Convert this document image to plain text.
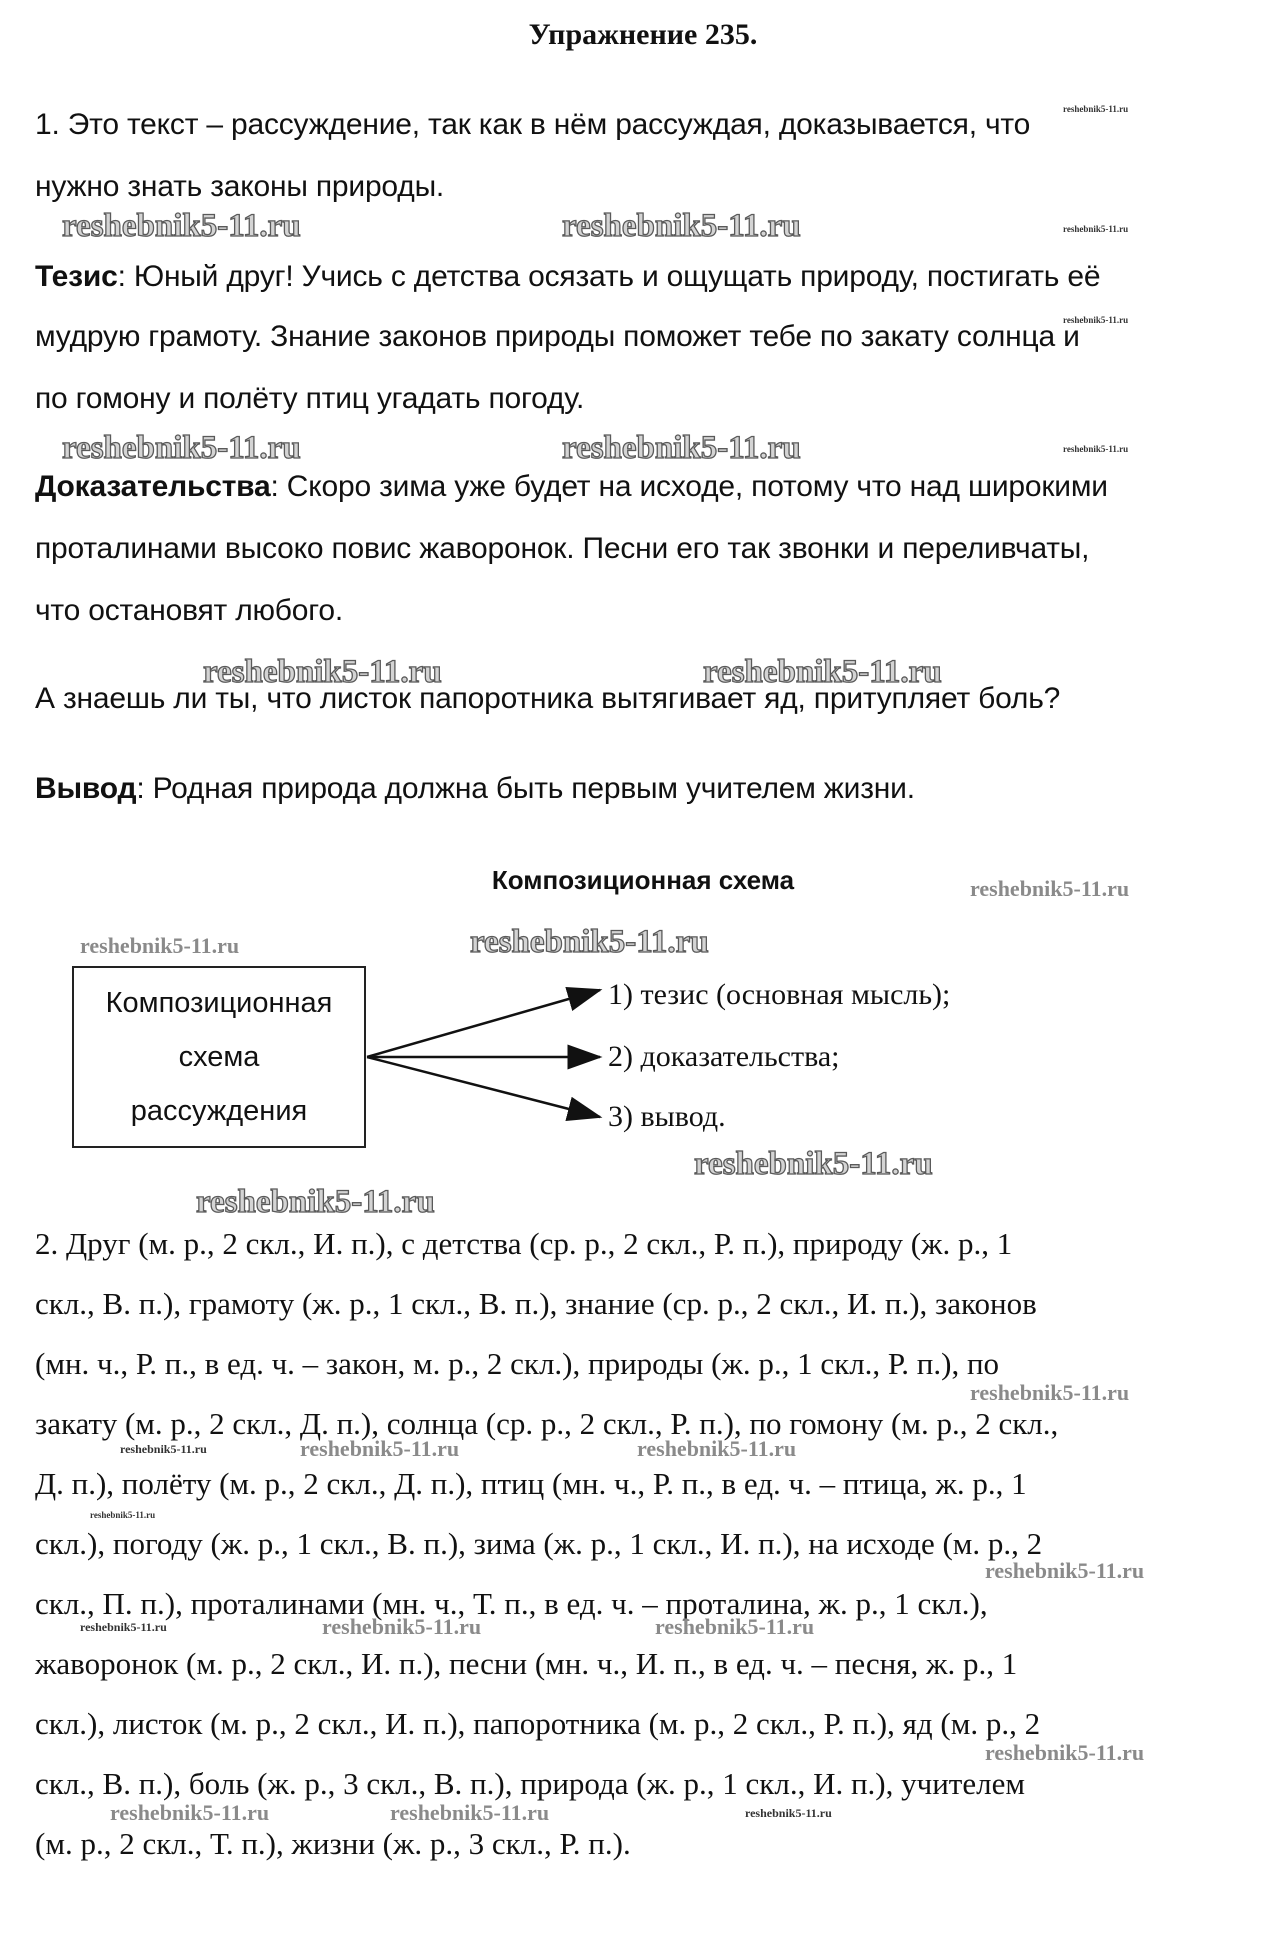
Упражнение 235.
1. Это текст – рассуждение, так как в нём рассуждая, доказывается, что
нужно знать законы природы.
Тезис: Юный друг! Учись с детства осязать и ощущать природу, постигать её
мудрую грамоту. Знание законов природы поможет тебе по закату солнца и
по гомону и полёту птиц угадать погоду.
Доказательства: Скоро зима уже будет на исходе, потому что над широкими
проталинами высоко повис жаворонок. Песни его так звонки и переливчаты,
что остановят любого.
А знаешь ли ты, что листок папоротника вытягивает яд, притупляет боль?
Вывод: Родная природа должна быть первым учителем жизни.
Композиционная схема
Композиционная
схема
рассуждения
1) тезис (основная мысль);
2) доказательства;
3) вывод.
2. Друг (м. р., 2 скл., И. п.), с детства (ср. р., 2 скл., Р. п.), природу (ж. р., 1
скл., В. п.), грамоту (ж. р., 1 скл., В. п.), знание (ср. р., 2 скл., И. п.), законов
(мн. ч., Р. п., в ед. ч. – закон, м. р., 2 скл.), природы (ж. р., 1 скл., Р. п.), по
закату (м. р., 2 скл., Д. п.), солнца (ср. р., 2 скл., Р. п.), по гомону (м. р., 2 скл.,
Д. п.), полёту (м. р., 2 скл., Д. п.), птиц (мн. ч., Р. п., в ед. ч. – птица, ж. р., 1
скл.), погоду (ж. р., 1 скл., В. п.), зима (ж. р., 1 скл., И. п.), на исходе (м. р., 2
скл., П. п.), проталинами (мн. ч., Т. п., в ед. ч. – проталина, ж. р., 1 скл.),
жаворонок (м. р., 2 скл., И. п.), песни (мн. ч., И. п., в ед. ч. – песня, ж. р., 1
скл.), листок (м. р., 2 скл., И. п.), папоротника (м. р., 2 скл., Р. п.), яд (м. р., 2
скл., В. п.), боль (ж. р., 3 скл., В. п.), природа (ж. р., 1 скл., И. п.), учителем
(м. р., 2 скл., Т. п.), жизни (ж. р., 3 скл., Р. п.).
reshebnik5-11.ru
reshebnik5-11.ru	reshebnik5-11.ru	reshebnik5-11.ru
reshebnik5-11.ru
reshebnik5-11.ru	reshebnik5-11.ru	reshebnik5-11.ru
reshebnik5-11.ru	reshebnik5-11.ru
reshebnik5-11.ru
reshebnik5-11.ru	reshebnik5-11.ru
reshebnik5-11.ru
reshebnik5-11.ru
reshebnik5-11.ru
reshebnik5-11.ru	reshebnik5-11.ru	reshebnik5-11.ru
reshebnik5-11.ru
reshebnik5-11.ru
reshebnik5-11.ru	reshebnik5-11.ru	reshebnik5-11.ru
reshebnik5-11.ru
reshebnik5-11.ru	reshebnik5-11.ru	reshebnik5-11.ru
